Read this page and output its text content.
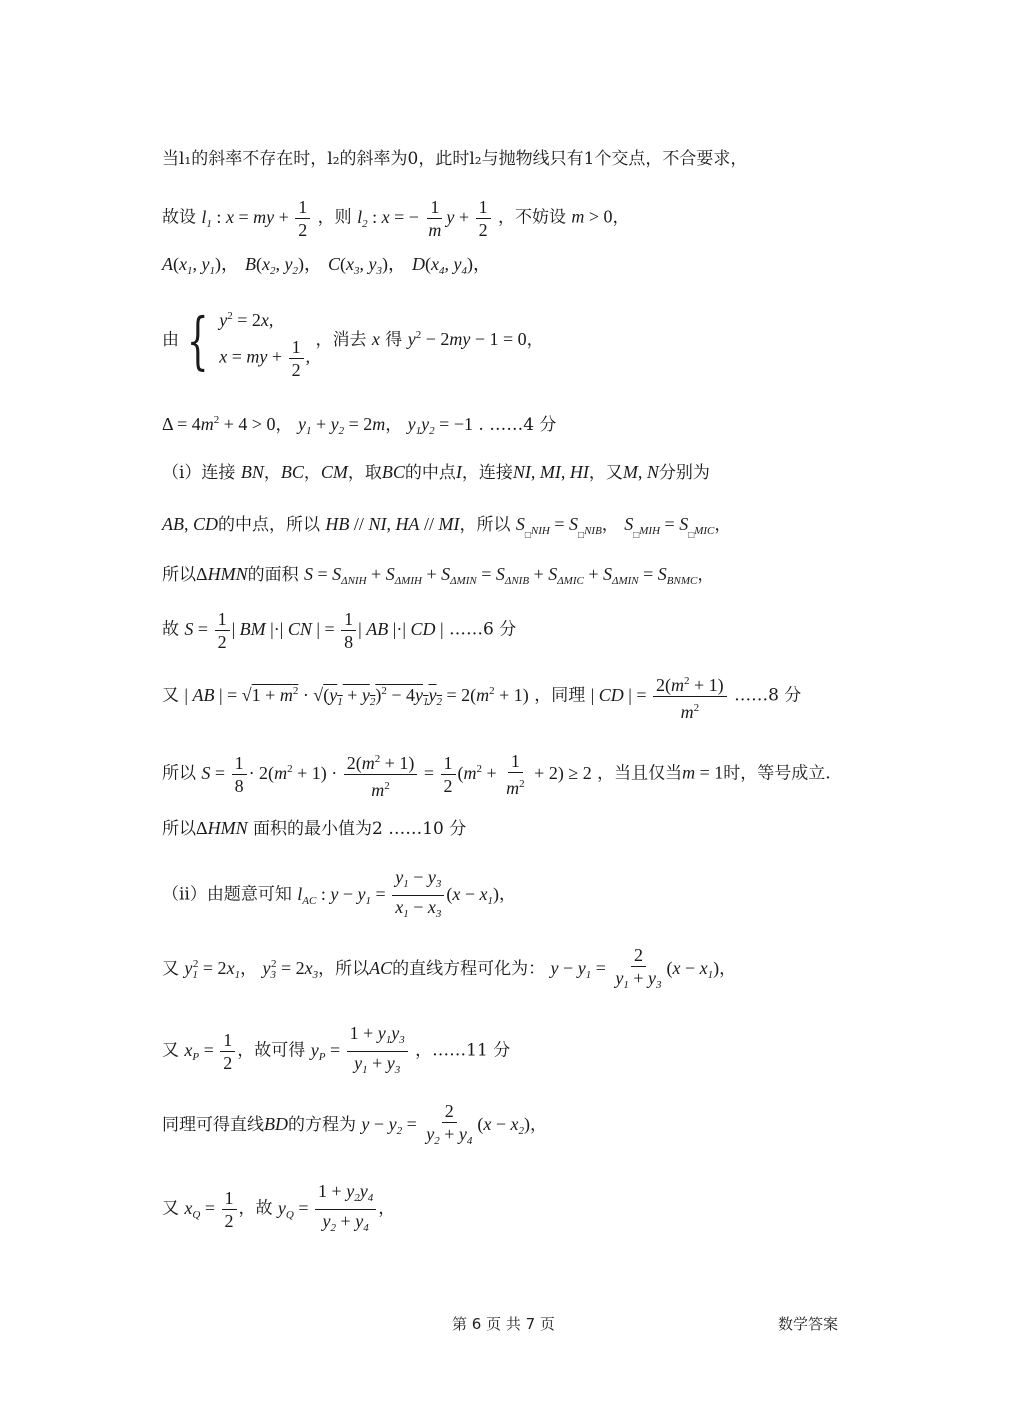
当l₁的斜率不存在时，l₂的斜率为0，此时l₂与抛物线只有1个交点，不合要求，
故设 $l_1$ : x = my + $\frac{1}{2}$ ，则 $l_2$ : x = − $\frac{1}{m}$ $y + \frac{1}{2}$ ，不妨设 m > 0，
$A(x_1$, $y_1$)， $B(x_2$, $y_2$)， $C(x_3$, $y_3$)， $D(x_4$, $y_4$)，
由 { $y^2 = 2x$,
x = my + $\frac{1}{2}$ ,
，消去 x 得 $y^2 - 2my - 1 = 0$，
$\Delta = 4m^2 + 4 > 0$， $y_1 + y_2 = 2m$， $y_1y_2 = -1$ . ……4 分
（i）连接 BN，BC，CM，取BC的中点I，连接NI, MI, HI，又M, N分别为
AB, CD的中点，所以 HB // NI, HA // MI，所以 $S_{□NIH} = S_{□NIB}$， $S_{□MIH} = S_{□MIC}$，
所以ΔHMN的面积 $S = S_{\Delta NIH} + S_{\Delta MIH} + S_{\Delta MIN} = S_{\Delta NIB} + S_{\Delta MIC} + S_{\Delta MIN} = S_{BNMC}$，
故 $S = \frac{1}{2}$ | BM |·| CN | = $\frac{1}{8}$ | AB |·| CD | ……6 分
又 | AB | = $√1 + m^2 \cdot √(y_1 + y_2)^2 - 4y_1y_2 = 2(m^2 + 1)$ ，同理 | CD | = $\frac{2(m^2 + 1)}{m^2}$ ……8 分
所以 $S = \frac{1}{8} \cdot 2(m^2 + 1) \cdot \frac{2(m^2 + 1)}{m^2} = \frac{1}{2} (m^2 + \frac{1}{m^2} + 2) \ge 2$ ，当且仅当m = 1时，等号成立.
所以ΔHMN 面积的最小值为2 ……10 分
（ii）由题意可知 $l_{AC}$ : $y - y_1 = \frac{y_1 - y_3}{x_1 - x_3} (x - x_1)$，
又 $y_1^2 = 2x_1$， $y_3^2 = 2x_3$，所以AC的直线方程可化为： $y - y_1 = \frac{2}{y_1 + y_3} (x - x_1)$，
又 $x_P = \frac{1}{2}$ ，故可得 $y_P = \frac{1 + y_1y_3}{y_1 + y_3}$ ，……11 分
同理可得直线BD的方程为 $y - y_2 = \frac{2}{y_2 + y_4} (x - x_2)$，
又 $x_Q = \frac{1}{2}$ ，故 $y_Q = \frac{1 + y_2y_4}{y_2 + y_4}$ ，
第 6 页 共 7 页	数学答案
